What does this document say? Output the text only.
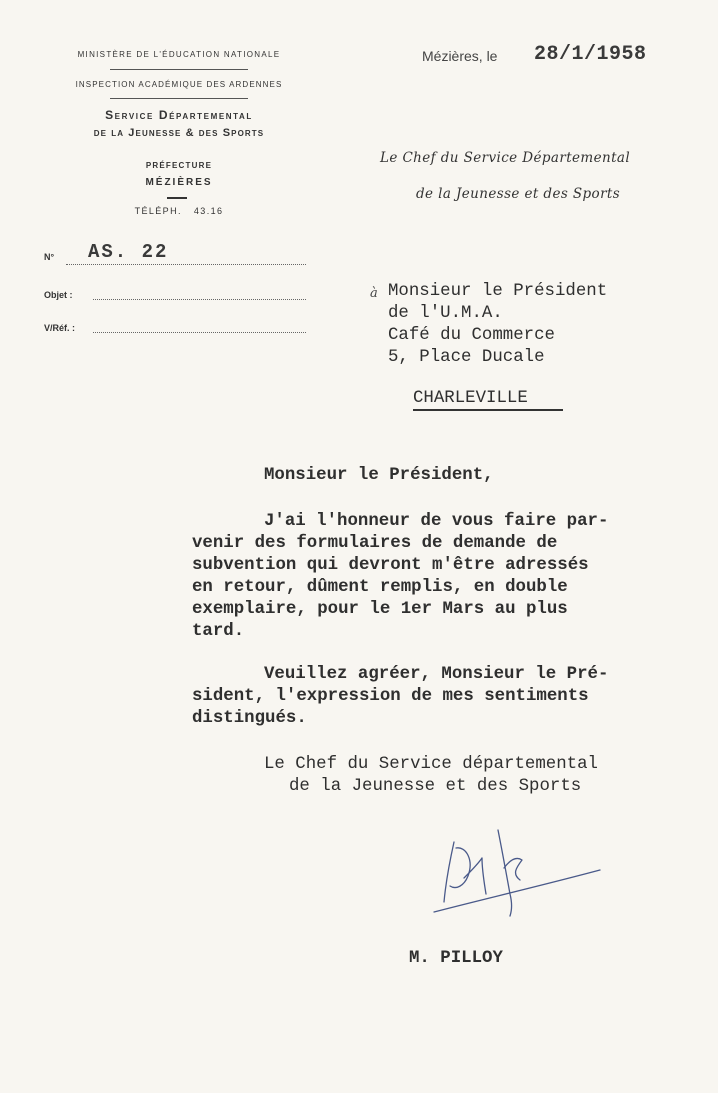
MINISTÈRE DE L'ÉDUCATION NATIONALE
INSPECTION ACADÉMIQUE DES ARDENNES
Service Départemental
de la Jeunesse & des Sports
PRÉFECTURE
MÉZIÈRES
TÉLÉPH. 43.16
N° AS. 22
Objet :
V/Réf. :
Mézières, le 28/1/1958
Le Chef du Service Départemental
de la Jeunesse et des Sports
à Monsieur le Président
de l'U.M.A.
Café du Commerce
5, Place Ducale
CHARLEVILLE
Monsieur le Président,
J'ai l'honneur de vous faire par-
venir des formulaires de demande de
subvention qui devront m'être adressés
en retour, dûment remplis, en double
exemplaire, pour le 1er Mars au plus
tard.
Veuillez agréer, Monsieur le Pré-
sident, l'expression de mes sentiments
distingués.
Le Chef du Service départemental
de la Jeunesse et des Sports
M. PILLOY
